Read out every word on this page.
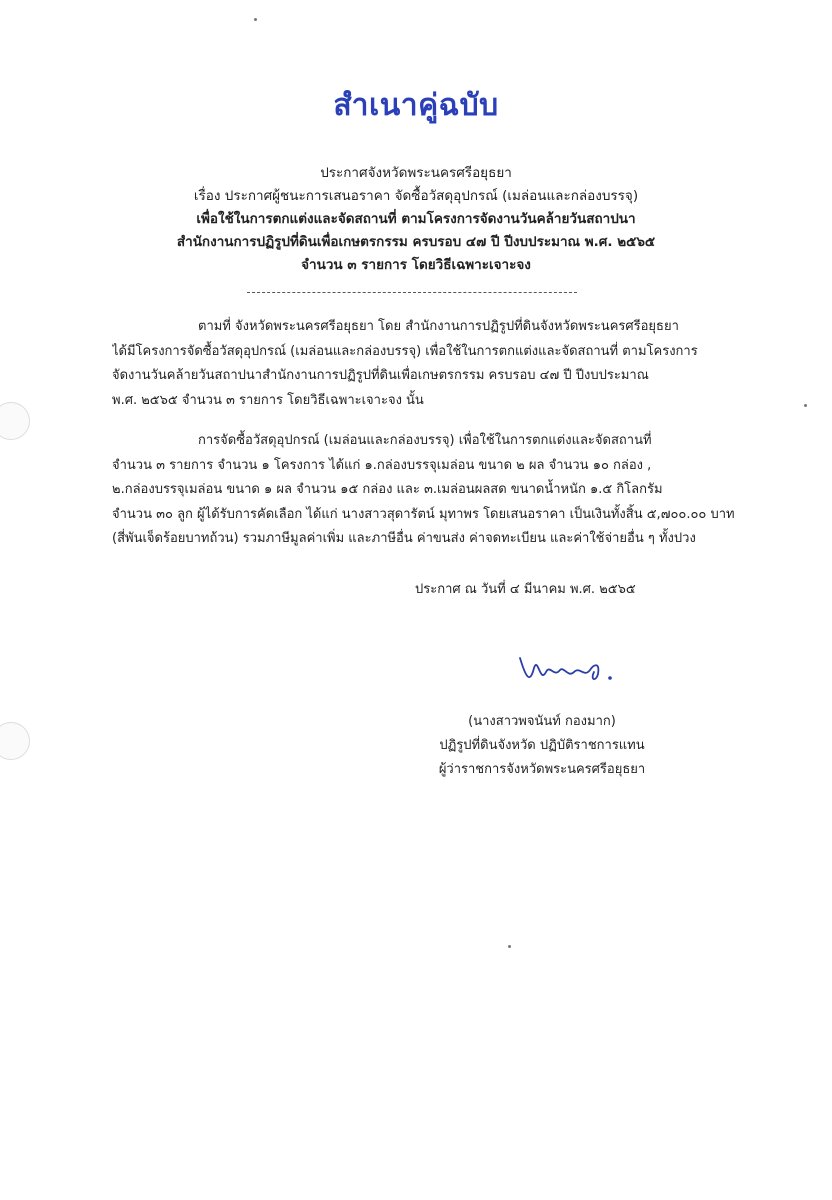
สำเนาคู่ฉบับ
ประกาศจังหวัดพระนครศรีอยุธยา
เรื่อง ประกาศผู้ชนะการเสนอราคา จัดซื้อวัสดุอุปกรณ์ (เมล่อนและกล่องบรรจุ)
เพื่อใช้ในการตกแต่งและจัดสถานที่ ตามโครงการจัดงานวันคล้ายวันสถาปนา
สำนักงานการปฏิรูปที่ดินเพื่อเกษตรกรรม ครบรอบ ๔๗ ปี ปีงบประมาณ พ.ศ. ๒๕๖๕
จำนวน ๓ รายการ โดยวิธีเฉพาะเจาะจง
ตามที่ จังหวัดพระนครศรีอยุธยา โดย สำนักงานการปฏิรูปที่ดินจังหวัดพระนครศรีอยุธยา
ได้มีโครงการจัดซื้อวัสดุอุปกรณ์ (เมล่อนและกล่องบรรจุ) เพื่อใช้ในการตกแต่งและจัดสถานที่ ตามโครงการ
จัดงานวันคล้ายวันสถาปนาสำนักงานการปฏิรูปที่ดินเพื่อเกษตรกรรม ครบรอบ ๔๗ ปี ปีงบประมาณ
พ.ศ. ๒๕๖๕ จำนวน ๓ รายการ โดยวิธีเฉพาะเจาะจง นั้น
การจัดซื้อวัสดุอุปกรณ์ (เมล่อนและกล่องบรรจุ) เพื่อใช้ในการตกแต่งและจัดสถานที่
จำนวน ๓ รายการ จำนวน ๑ โครงการ ได้แก่ ๑.กล่องบรรจุเมล่อน ขนาด ๒ ผล จำนวน ๑๐ กล่อง ,
๒.กล่องบรรจุเมล่อน ขนาด ๑ ผล จำนวน ๑๕ กล่อง และ ๓.เมล่อนผลสด ขนาดน้ำหนัก ๑.๕ กิโลกรัม
จำนวน ๓๐ ลูก ผู้ได้รับการคัดเลือก ได้แก่ นางสาวสุดารัตน์ มุทาพร โดยเสนอราคา เป็นเงินทั้งสิ้น ๕,๗๐๐.๐๐ บาท
(สี่พันเจ็ดร้อยบาทถ้วน) รวมภาษีมูลค่าเพิ่ม และภาษีอื่น ค่าขนส่ง ค่าจดทะเบียน และค่าใช้จ่ายอื่น ๆ ทั้งปวง
ประกาศ ณ วันที่ ๔ มีนาคม พ.ศ. ๒๕๖๕
(นางสาวพจนันท์ กองมาก)
ปฏิรูปที่ดินจังหวัด ปฏิบัติราชการแทน
ผู้ว่าราชการจังหวัดพระนครศรีอยุธยา
